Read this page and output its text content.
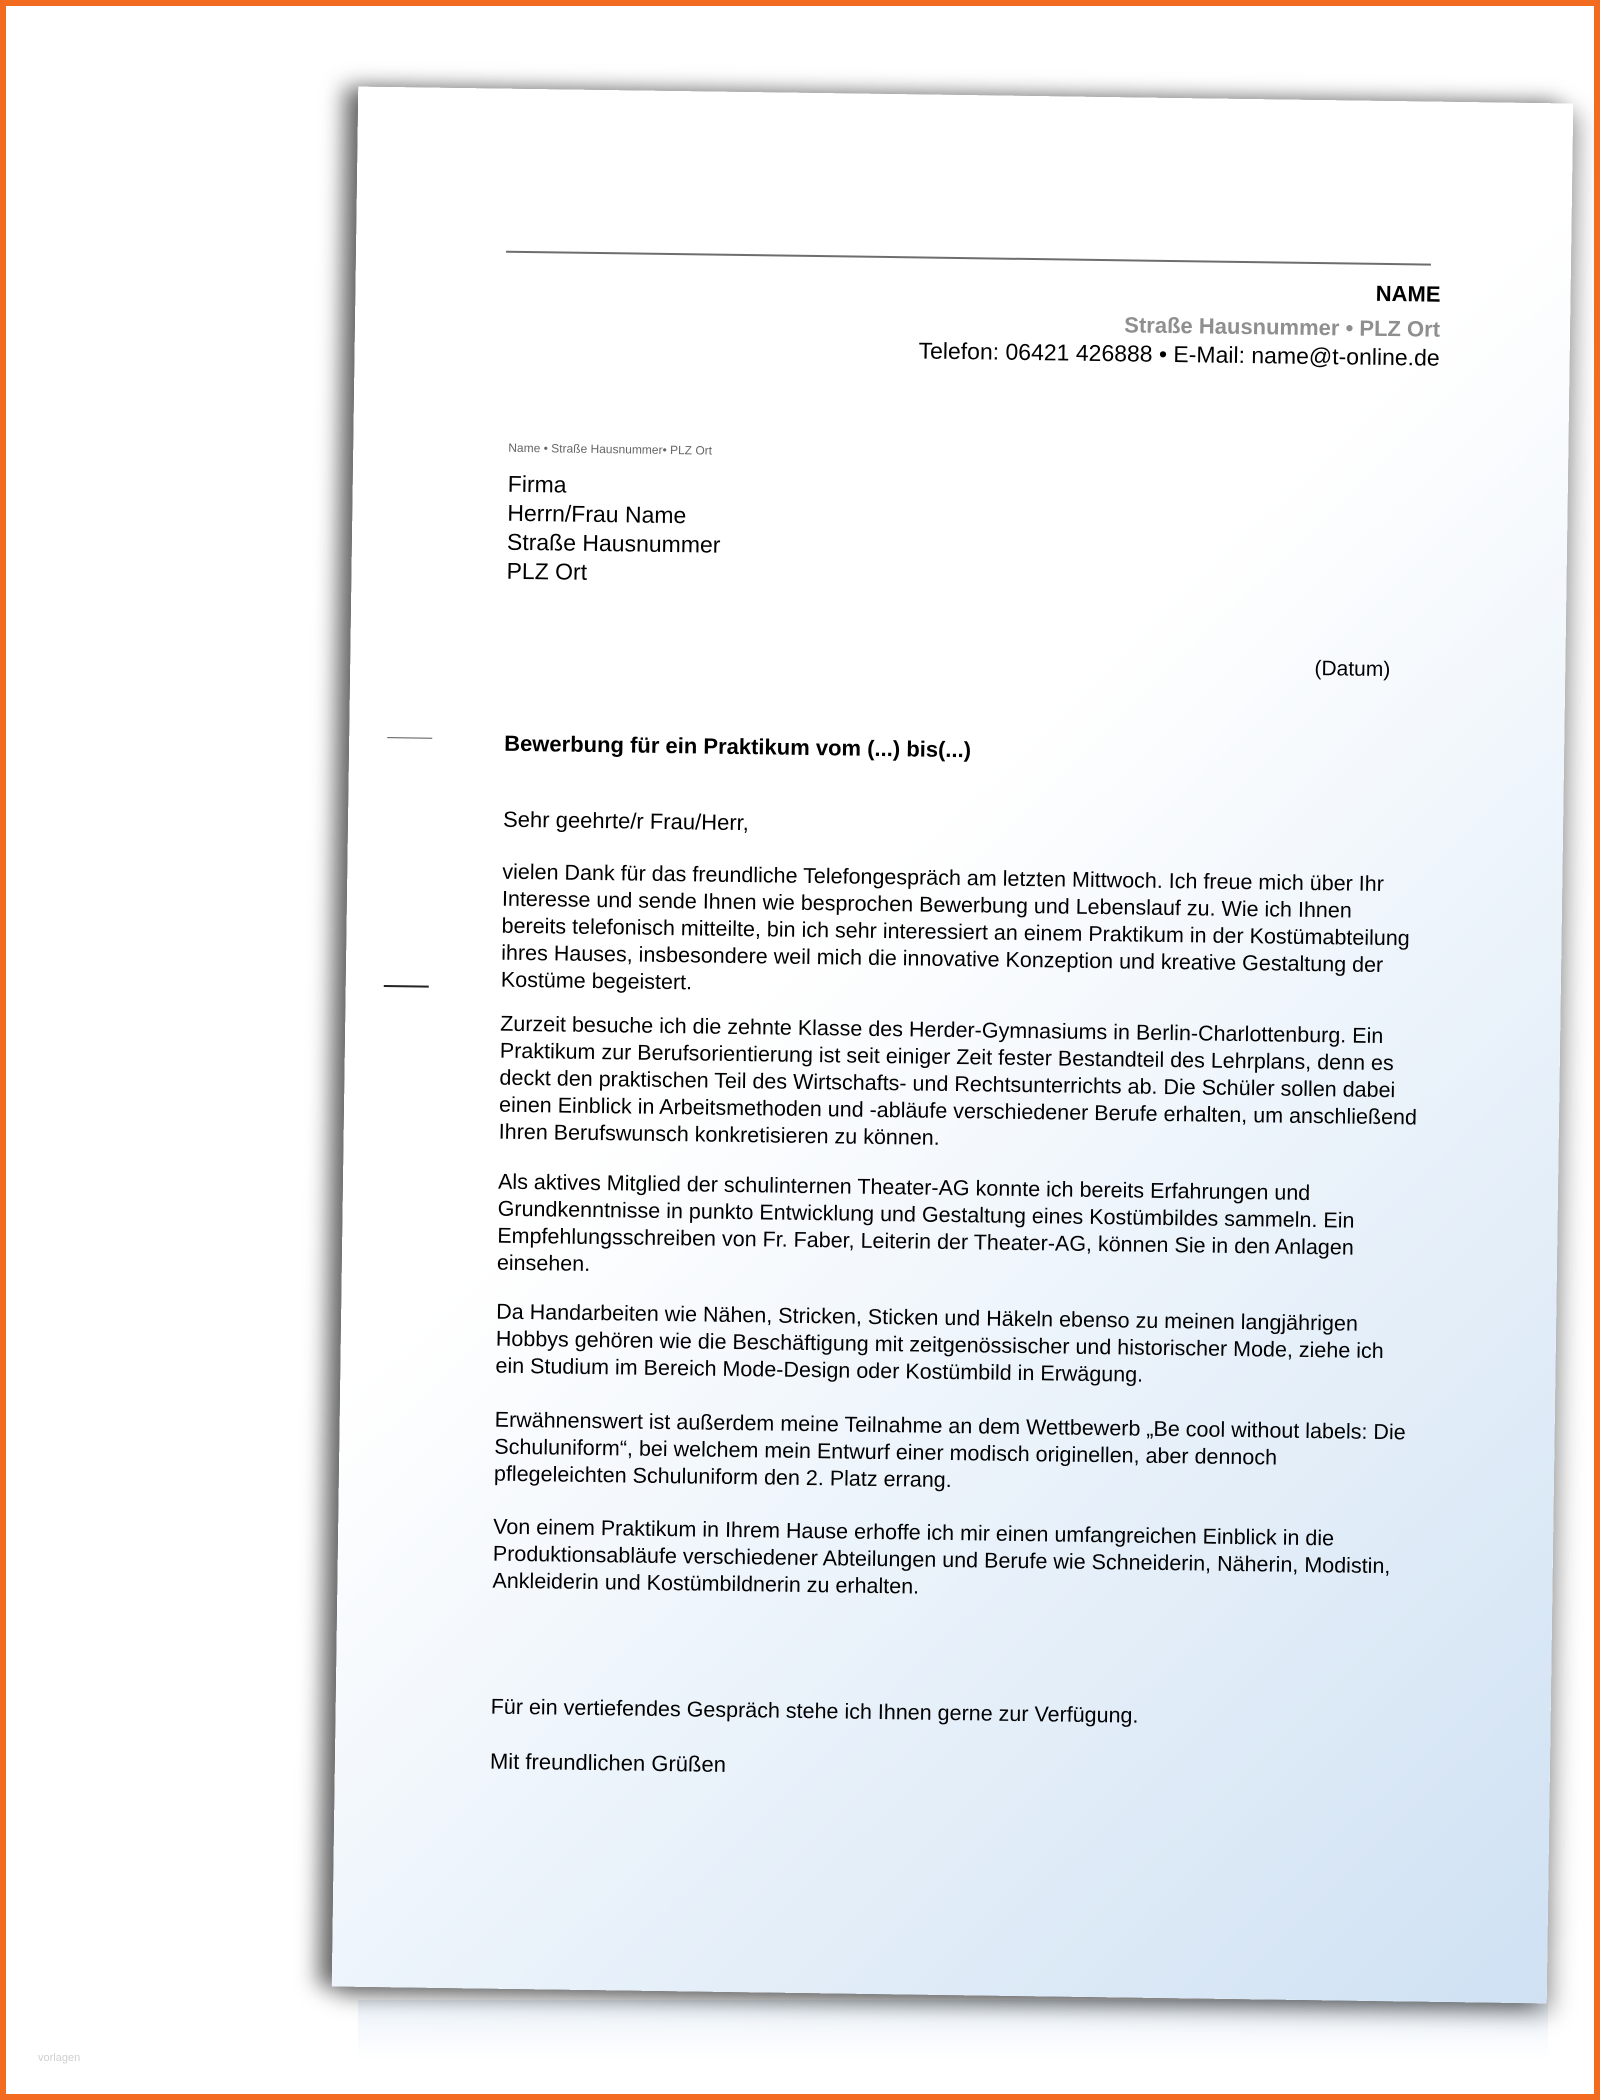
NAME
Straße Hausnummer • PLZ Ort
Telefon: 06421 426888 • E-Mail: name@t-online.de
Name • Straße Hausnummer• PLZ Ort
Firma
Herrn/Frau Name
Straße Hausnummer
PLZ Ort
(Datum)
Bewerbung für ein Praktikum vom (...) bis(...)
Sehr geehrte/r Frau/Herr,
vielen Dank für das freundliche Telefongespräch am letzten Mittwoch. Ich freue mich über Ihr Interesse und sende Ihnen wie besprochen Bewerbung und Lebenslauf zu. Wie ich Ihnen bereits telefonisch mitteilte, bin ich sehr interessiert an einem Praktikum in der Kostümabteilung ihres Hauses, insbesondere weil mich die innovative Konzeption und kreative Gestaltung der Kostüme begeistert.
Zurzeit besuche ich die zehnte Klasse des Herder-Gymnasiums in Berlin-Charlottenburg. Ein Praktikum zur Berufsorientierung ist seit einiger Zeit fester Bestandteil des Lehrplans, denn es deckt den praktischen Teil des Wirtschafts- und Rechtsunterrichts ab. Die Schüler sollen dabei einen Einblick in Arbeitsmethoden und -abläufe verschiedener Berufe erhalten, um anschließend Ihren Berufswunsch konkretisieren zu können.
Als aktives Mitglied der schulinternen Theater-AG konnte ich bereits Erfahrungen und Grundkenntnisse in punkto Entwicklung und Gestaltung eines Kostümbildes sammeln. Ein Empfehlungsschreiben von Fr. Faber, Leiterin der Theater-AG, können Sie in den Anlagen einsehen.
Da Handarbeiten wie Nähen, Stricken, Sticken und Häkeln ebenso zu meinen langjährigen Hobbys gehören wie die Beschäftigung mit zeitgenössischer und historischer Mode, ziehe ich ein Studium im Bereich Mode-Design oder Kostümbild in Erwägung.
Erwähnenswert ist außerdem meine Teilnahme an dem Wettbewerb „Be cool without labels: Die Schuluniform“, bei welchem mein Entwurf einer modisch originellen, aber dennoch pflegeleichten Schuluniform den 2. Platz errang.
Von einem Praktikum in Ihrem Hause erhoffe ich mir einen umfangreichen Einblick in die Produktionsabläufe verschiedener Abteilungen und Berufe wie Schneiderin, Näherin, Modistin, Ankleiderin und Kostümbildnerin zu erhalten.
Für ein vertiefendes Gespräch stehe ich Ihnen gerne zur Verfügung.
Mit freundlichen Grüßen
vorlagen
